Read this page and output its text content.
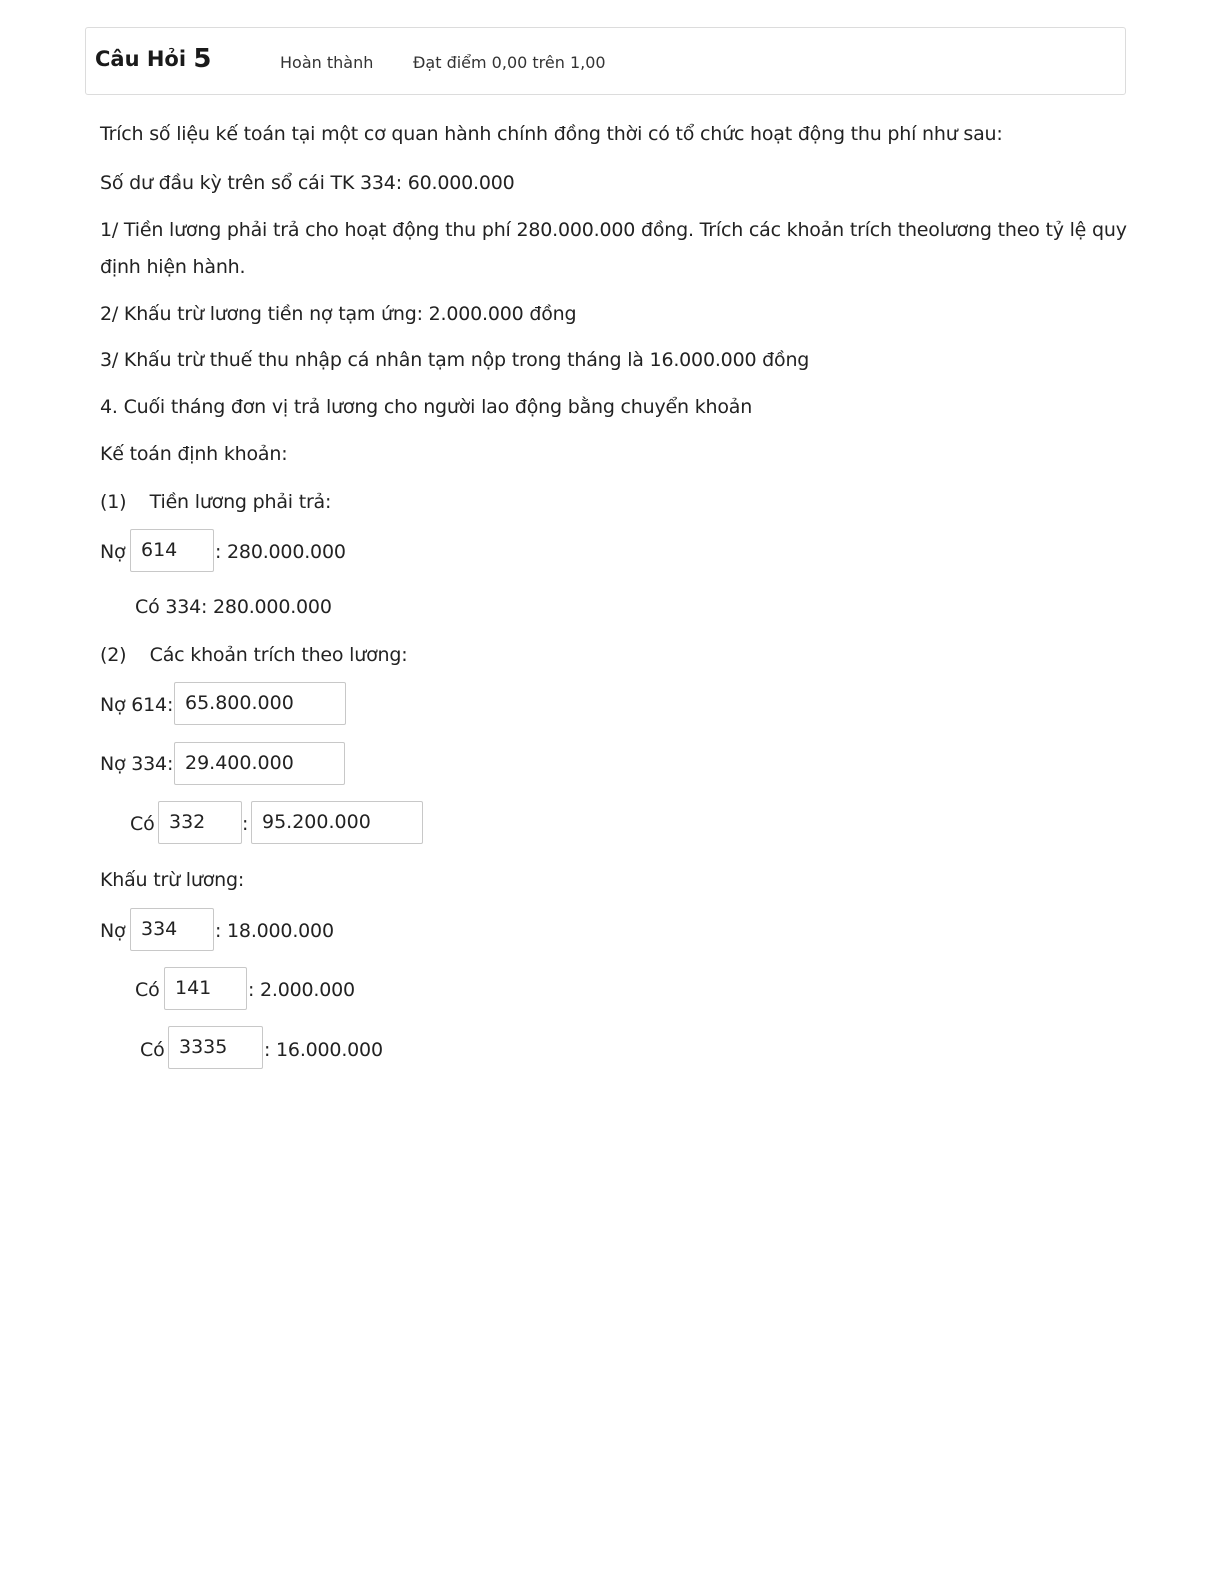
Câu Hỏi 5	Hoàn thành Đạt điểm 0,00 trên 1,00
Trích số liệu kế toán tại một cơ quan hành chính đồng thời có tổ chức hoạt động thu phí như sau:
Số dư đầu kỳ trên sổ cái TK 334: 60.000.000
1/ Tiền lương phải trả cho hoạt động thu phí 280.000.000 đồng. Trích các khoản trích theolương theo tỷ lệ quy
định hiện hành.
2/ Khấu trừ lương tiền nợ tạm ứng: 2.000.000 đồng
3/ Khấu trừ thuế thu nhập cá nhân tạm nộp trong tháng là 16.000.000 đồng
4. Cuối tháng đơn vị trả lương cho người lao động bằng chuyển khoản
Kế toán định khoản:
(1)    Tiền lương phải trả:
Nợ 614	: 280.000.000
Có 334: 280.000.000
(2)    Các khoản trích theo lương:
Nợ 614: 65.800.000
Nợ 334: 29.400.000
Có 332	: 95.200.000
Khấu trừ lương:
Nợ 334	: 18.000.000
Có 141	: 2.000.000
Có 3335	: 16.000.000
